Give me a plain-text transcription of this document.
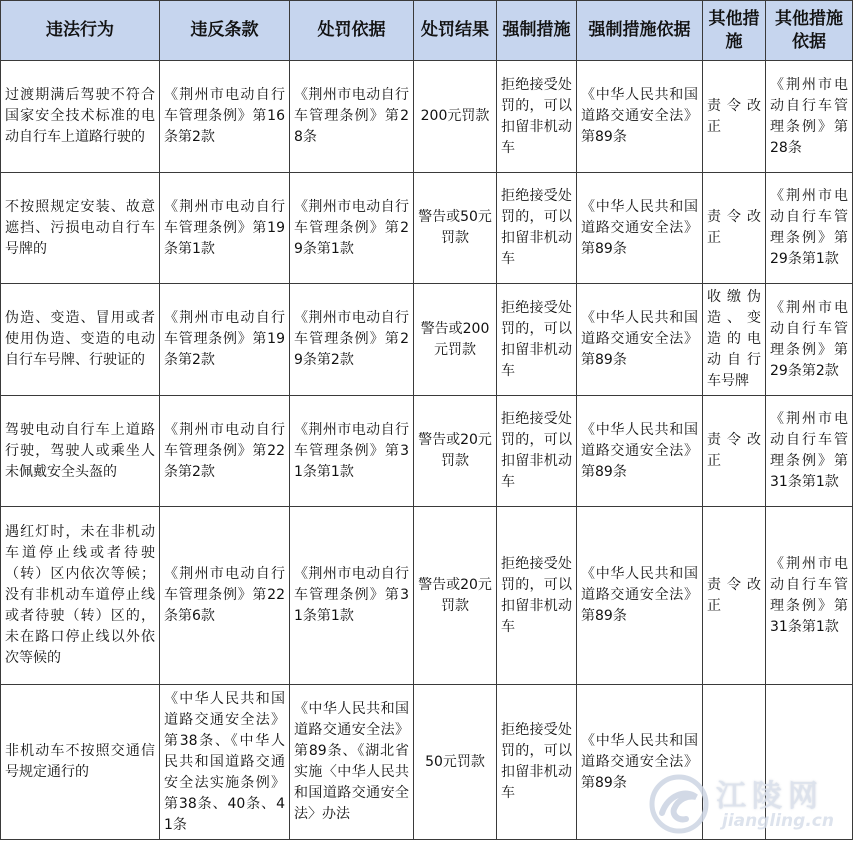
违法行为	违反条款	处罚依据	处罚结果	强制措施	强制措施依据	其他措施	其他措施依据
过渡期满后驾驶不符合国家安全技术标准的电动自行车上道路行驶的	《荆州市电动自行车管理条例》第16条第2款	《荆州市电动自行车管理条例》第28条	200元罚款	拒绝接受处罚的，可以扣留非机动车	《中华人民共和国道路交通安全法》第89条	责令改正	《荆州市电动自行车管理条例》第28条
不按照规定安装、故意遮挡、污损电动自行车号牌的	《荆州市电动自行车管理条例》第19条第1款	《荆州市电动自行车管理条例》第29条第1款	警告或50元罚款	拒绝接受处罚的，可以扣留非机动车	《中华人民共和国道路交通安全法》第89条	责令改正	《荆州市电动自行车管理条例》第29条第1款
伪造、变造、冒用或者使用伪造、变造的电动自行车号牌、行驶证的	《荆州市电动自行车管理条例》第19条第2款	《荆州市电动自行车管理条例》第29条第2款	警告或200元罚款	拒绝接受处罚的，可以扣留非机动车	《中华人民共和国道路交通安全法》第89条	收缴伪造、变造的电动自行车号牌	《荆州市电动自行车管理条例》第29条第2款
驾驶电动自行车上道路行驶，驾驶人或乘坐人未佩戴安全头盔的	《荆州市电动自行车管理条例》第22条第2款	《荆州市电动自行车管理条例》第31条第1款	警告或20元罚款	拒绝接受处罚的，可以扣留非机动车	《中华人民共和国道路交通安全法》第89条	责令改正	《荆州市电动自行车管理条例》第31条第1款
遇红灯时，未在非机动车道停止线或者待驶（转）区内依次等候；没有非机动车道停止线或者待驶（转）区的，未在路口停止线以外依次等候的	《荆州市电动自行车管理条例》第22条第6款	《荆州市电动自行车管理条例》第31条第1款	警告或20元罚款	拒绝接受处罚的，可以扣留非机动车	《中华人民共和国道路交通安全法》第89条	责令改正	《荆州市电动自行车管理条例》第31条第1款
非机动车不按照交通信号规定通行的	《中华人民共和国道路交通安全法》第38条、《中华人民共和国道路交通安全法实施条例》第38条、40条、41条	《中华人民共和国道路交通安全法》第89条、《湖北省实施〈中华人民共和国道路交通安全法〉办法	50元罚款	拒绝接受处罚的，可以扣留非机动车	《中华人民共和国道路交通安全法》第89条			江陵网
jiangling.cn
